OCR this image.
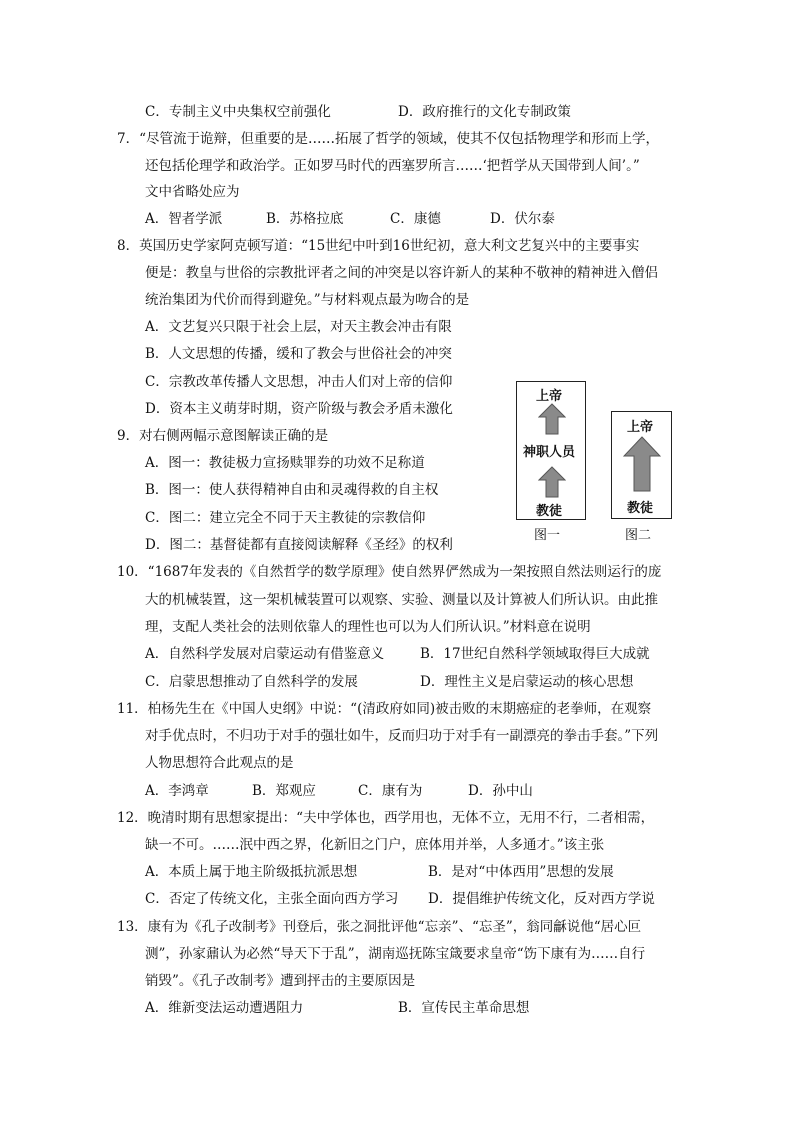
C．专制主义中央集权空前强化	D．政府推行的文化专制政策
7．“尽管流于诡辩，但重要的是……拓展了哲学的领域，使其不仅包括物理学和形而上学，
还包括伦理学和政治学。正如罗马时代的西塞罗所言……‘把哲学从天国带到人间’。”
文中省略处应为
A．智者学派	B．苏格拉底	C．康德	D．伏尔泰
8．英国历史学家阿克顿写道：“15世纪中叶到16世纪初，意大利文艺复兴中的主要事实
便是：教皇与世俗的宗教批评者之间的冲突是以容许新人的某种不敬神的精神进入僧侣
统治集团为代价而得到避免。”与材料观点最为吻合的是
A．文艺复兴只限于社会上层，对天主教会冲击有限
B．人文思想的传播，缓和了教会与世俗社会的冲突
C．宗教改革传播人文思想，冲击人们对上帝的信仰
D．资本主义萌芽时期，资产阶级与教会矛盾未激化
9．对右侧两幅示意图解读正确的是
A．图一：教徒极力宣扬赎罪券的功效不足称道
B．图一：使人获得精神自由和灵魂得救的自主权
C．图二：建立完全不同于天主教徒的宗教信仰
D．图二：基督徒都有直接阅读解释《圣经》的权利
上帝
神职人员
教徒
图一
上帝
教徒
图二
10．“1687年发表的《自然哲学的数学原理》使自然界俨然成为一架按照自然法则运行的庞
大的机械装置，这一架机械装置可以观察、实验、测量以及计算被人们所认识。由此推
理，支配人类社会的法则依靠人的理性也可以为人们所认识。”材料意在说明
A．自然科学发展对启蒙运动有借鉴意义	B．17世纪自然科学领域取得巨大成就
C．启蒙思想推动了自然科学的发展	D．理性主义是启蒙运动的核心思想
11．柏杨先生在《中国人史纲》中说：“(清政府如同)被击败的末期癌症的老拳师，在观察
对手优点时，不归功于对手的强壮如牛，反而归功于对手有一副漂亮的拳击手套。”下列
人物思想符合此观点的是
A．李鸿章	B．郑观应	C．康有为	D．孙中山
12．晚清时期有思想家提出：“夫中学体也，西学用也，无体不立，无用不行，二者相需，
缺一不可。……泯中西之界，化新旧之门户，庶体用并举，人多通才。”该主张
A．本质上属于地主阶级抵抗派思想	B．是对“中体西用”思想的发展
C．否定了传统文化，主张全面向西方学习 D．提倡维护传统文化，反对西方学说
13．康有为《孔子改制考》刊登后，张之洞批评他“忘亲”、“忘圣”，翁同龢说他“居心叵
测”，孙家鼐认为必然“导天下于乱”，湖南巡抚陈宝箴要求皇帝“饬下康有为……自行
销毁”。《孔子改制考》遭到抨击的主要原因是
A．维新变法运动遭遇阻力	B．宣传民主革命思想
